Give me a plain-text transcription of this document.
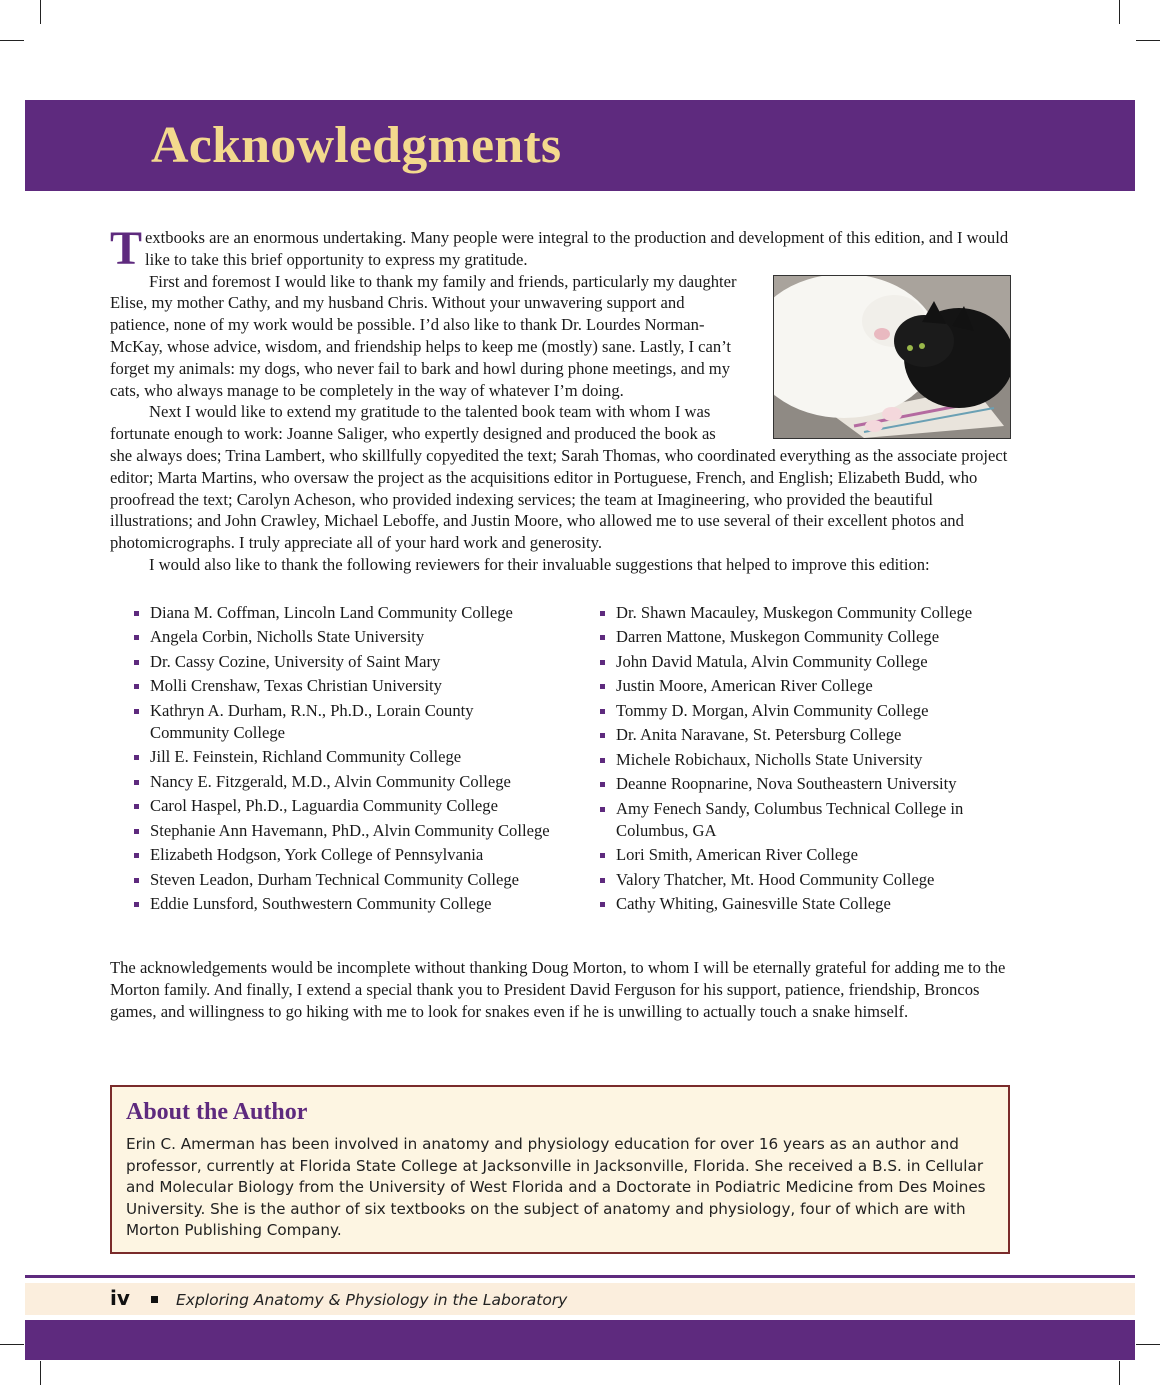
Acknowledgments
T extbooks are an enormous undertaking. Many people were integral to the production and development of this edition, and I would like to take this brief opportunity to express my gratitude.

First and foremost I would like to thank my family and friends, particularly my daughter Elise, my mother Cathy, and my husband Chris. Without your unwavering support and patience, none of my work would be possible. I’d also like to thank Dr. Lourdes Norman-McKay, whose advice, wisdom, and friendship helps to keep me (mostly) sane. Lastly, I can’t forget my animals: my dogs, who never fail to bark and howl during phone meetings, and my cats, who always manage to be completely in the way of whatever I’m doing.

Next I would like to extend my gratitude to the talented book team with whom I was fortunate enough to work: Joanne Saliger, who expertly designed and produced the book as she always does; Trina Lambert, who skillfully copyedited the text; Sarah Thomas, who coordinated everything as the associate project editor; Marta Martins, who oversaw the project as the acquisitions editor in Portuguese, French, and English; Elizabeth Budd, who proofread the text; Carolyn Acheson, who provided indexing services; the team at Imagineering, who provided the beautiful illustrations; and John Crawley, Michael Leboffe, and Justin Moore, who allowed me to use several of their excellent photos and photomicrographs. I truly appreciate all of your hard work and generosity.

I would also like to thank the following reviewers for their invaluable suggestions that helped to improve this edition:

Diana M. Coffman, Lincoln Land Community College
Angela Corbin, Nicholls State University
Dr. Cassy Cozine, University of Saint Mary
Molli Crenshaw, Texas Christian University
Kathryn A. Durham, R.N., Ph.D., Lorain County Community College
Jill E. Feinstein, Richland Community College
Nancy E. Fitzgerald, M.D., Alvin Community College
Carol Haspel, Ph.D., Laguardia Community College
Stephanie Ann Havemann, PhD., Alvin Community College
Elizabeth Hodgson, York College of Pennsylvania
Steven Leadon, Durham Technical Community College
Eddie Lunsford, Southwestern Community College
Dr. Shawn Macauley, Muskegon Community College
Darren Mattone, Muskegon Community College
John David Matula, Alvin Community College
Justin Moore, American River College
Tommy D. Morgan, Alvin Community College
Dr. Anita Naravane, St. Petersburg College
Michele Robichaux, Nicholls State University
Deanne Roopnarine, Nova Southeastern University
Amy Fenech Sandy, Columbus Technical College in Columbus, GA
Lori Smith, American River College
Valory Thatcher, Mt. Hood Community College
Cathy Whiting, Gainesville State College

The acknowledgements would be incomplete without thanking Doug Morton, to whom I will be eternally grateful for adding me to the Morton family. And finally, I extend a special thank you to President David Ferguson for his support, patience, friendship, Broncos games, and willingness to go hiking with me to look for snakes even if he is unwilling to actually touch a snake himself.

About the Author

Erin C. Amerman has been involved in anatomy and physiology education for over 16 years as an author and professor, currently at Florida State College at Jacksonville in Jacksonville, Florida. She received a B.S. in Cellular and Molecular Biology from the University of West Florida and a Doctorate in Podiatric Medicine from Des Moines University. She is the author of six textbooks on the subject of anatomy and physiology, four of which are with Morton Publishing Company.

iv	Exploring Anatomy & Physiology in the Laboratory
